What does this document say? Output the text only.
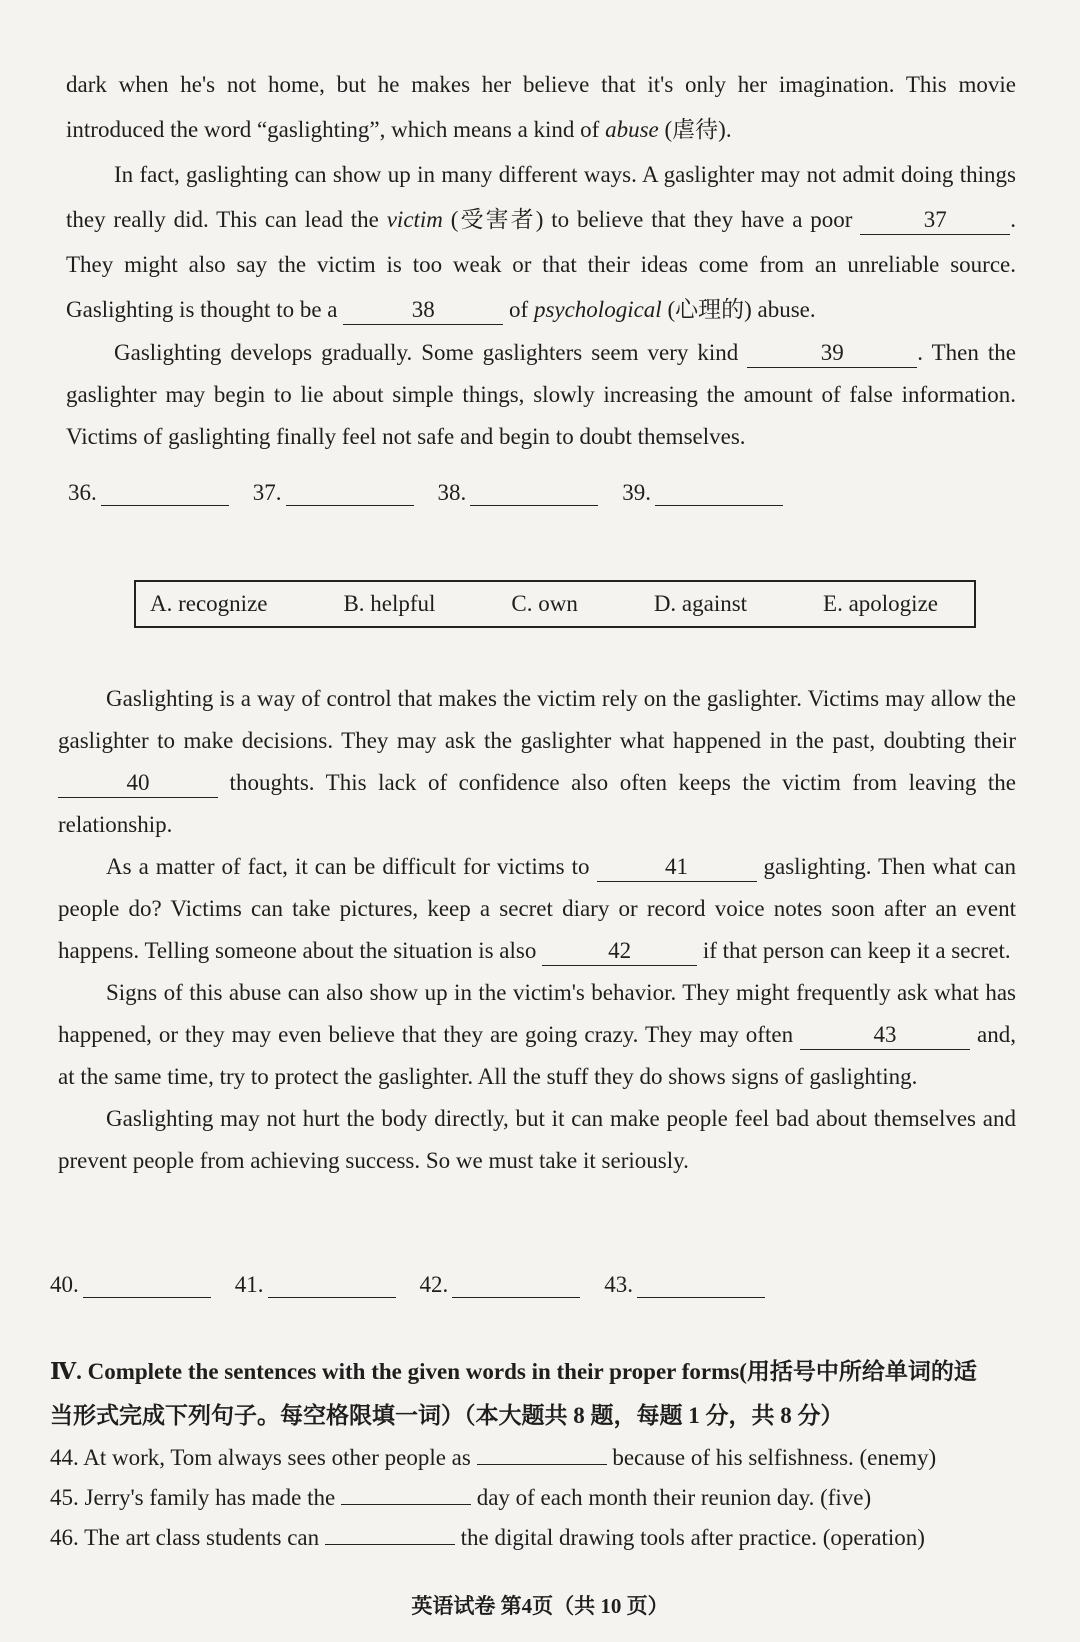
dark when he's not home, but he makes her believe that it's only her imagination. This movie introduced the word “gaslighting”, which means a kind of abuse (虐待).

In fact, gaslighting can show up in many different ways. A gaslighter may not admit doing things they really did. This can lead the victim (受害者) to believe that they have a poor	37	. They might also say the victim is too weak or that their ideas come from an unreliable source. Gaslighting is thought to be a	38	of psychological (心理的) abuse.

Gaslighting develops gradually. Some gaslighters seem very kind	39	. Then the gaslighter may begin to lie about simple things, slowly increasing the amount of false information. Victims of gaslighting finally feel not safe and begin to doubt themselves.

36.	37.	38.	39.
A. recognize	B. helpful	C. own	D. against	E. apologize

Gaslighting is a way of control that makes the victim rely on the gaslighter. Victims may allow the gaslighter to make decisions. They may ask the gaslighter what happened in the past, doubting their 40	thoughts. This lack of confidence also often keeps the victim from leaving the relationship.

As a matter of fact, it can be difficult for victims to	41	gaslighting. Then what can people do? Victims can take pictures, keep a secret diary or record voice notes soon after an event happens. Telling someone about the situation is also	42	if that person can keep it a secret.

Signs of this abuse can also show up in the victim's behavior. They might frequently ask what has happened, or they may even believe that they are going crazy. They may often	43	and, at the same time, try to protect the gaslighter. All the stuff they do shows signs of gaslighting.

Gaslighting may not hurt the body directly, but it can make people feel bad about themselves and prevent people from achieving success. So we must take it seriously.

40.	41.	42.	43.

Ⅳ. Complete the sentences with the given words in their proper forms(用括号中所给单词的适

当形式完成下列句子。每空格限填一词）（本大题共 8 题，每题 1 分，共 8 分）

44. At work, Tom always sees other people as	because of his selfishness. (enemy)

45. Jerry's family has made the	day of each month their reunion day. (five)

46. The art class students can	the digital drawing tools after practice. (operation)

英语试卷 第4页（共 10 页）
